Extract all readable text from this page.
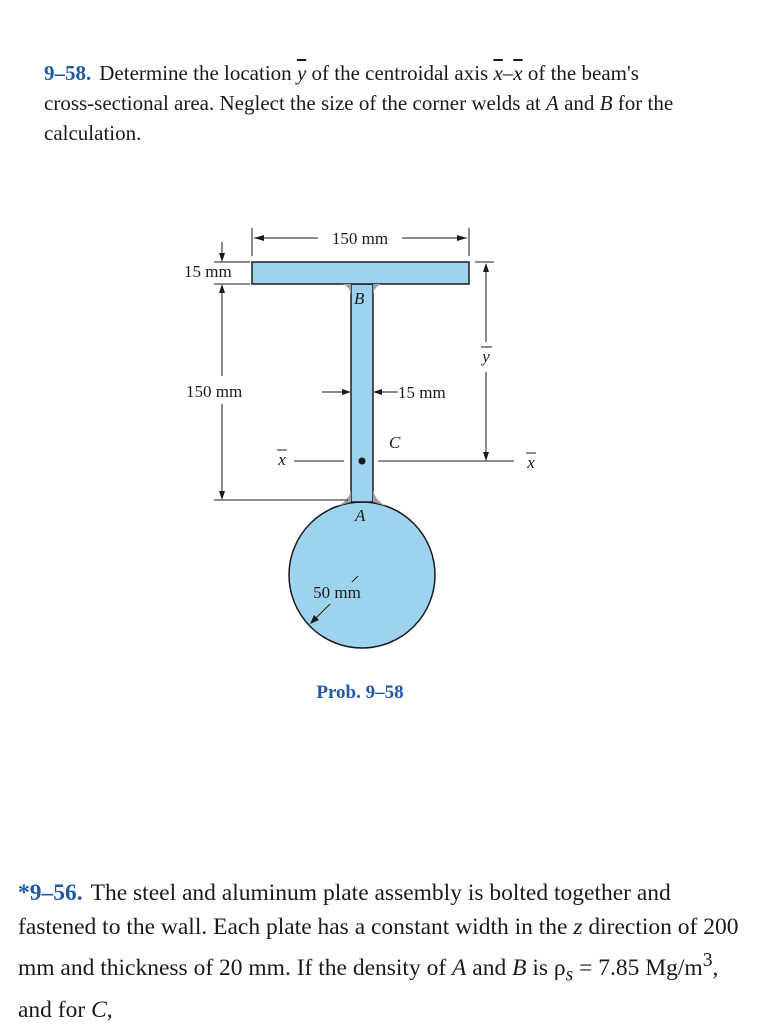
9–58. Determine the location $\overline{y}$ of the centroidal axis $\overline{x}-\overline{x}$ of the beam's cross-sectional area. Neglect the size of the corner welds at A and B for the calculation.
150 mm
15 mm
150 mm	15 mm
y
x	x
B
C
A
50 mm
Prob. 9–58
*9–56. The steel and aluminum plate assembly is bolted together and fastened to the wall. Each plate has a constant width in the z direction of 200 mm and thickness of 20 mm. If the density of A and B is $\rho_s = 7.85$ $Mg/m^3$, and for C,
